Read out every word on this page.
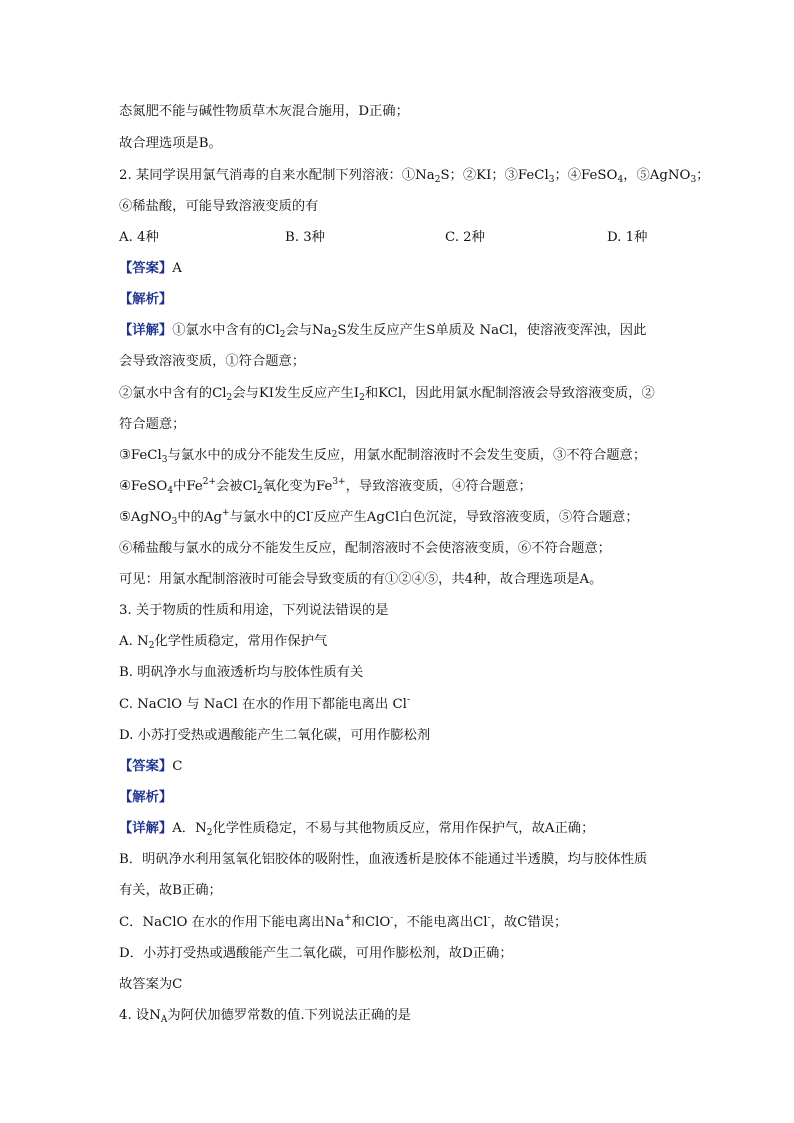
态氮肥不能与碱性物质草木灰混合施用，D正确；
故合理选项是B。
2. 某同学误用氯气消毒的自来水配制下列溶液：$①Na_2S$；②KI；③FeCl$_3$；④FeSO$_4$，⑤AgNO$_3$；
⑥稀盐酸，可能导致溶液变质的有
A. 4种	B. 3种	C. 2种	D. 1种
【答案】A
【解析】
【详解】①氯水中含有的$Cl_2$会与$Na_2S$发生反应产生S单质及 NaCl，使溶液变浑浊，因此
会导致溶液变质，①符合题意；
②氯水中含有的$Cl_2$会与KI发生反应产生$I_2$和KCl，因此用氯水配制溶液会导致溶液变质，②
符合题意；
③FeCl$_3$与氯水中的成分不能发生反应，用氯水配制溶液时不会发生变质，③不符合题意；
④FeSO$_4$中$Fe^{2+}$会被$Cl_2$氧化变为$Fe^{3+}$，导致溶液变质，④符合题意；
⑤AgNO$_3$中的Ag+与氯水中的Cl-反应产生AgCl白色沉淀，导致溶液变质，⑤符合题意；
⑥稀盐酸与氯水的成分不能发生反应，配制溶液时不会使溶液变质，⑥不符合题意；
可见：用氯水配制溶液时可能会导致变质的有①②④⑤，共4种，故合理选项是A。
3. 关于物质的性质和用途，下列说法错误的是
A. $N_2$化学性质稳定，常用作保护气
B. 明矾净水与血液透析均与胶体性质有关
C. NaClO 与 NaCl 在水的作用下都能电离出 Cl-
D. 小苏打受热或遇酸能产生二氧化碳，可用作膨松剂
【答案】C
【解析】
【详解】A．$N_2$化学性质稳定，不易与其他物质反应，常用作保护气，故A正确；
B．明矾净水利用氢氧化铝胶体的吸附性，血液透析是胶体不能通过半透膜，均与胶体性质
有关，故B正确；
C．NaClO 在水的作用下能电离出Na+和ClO-，不能电离出Cl-，故C错误；
D．小苏打受热或遇酸能产生二氧化碳，可用作膨松剂，故D正确；
故答案为C
4. 设$N_A$为阿伏加德罗常数的值.下列说法正确的是
